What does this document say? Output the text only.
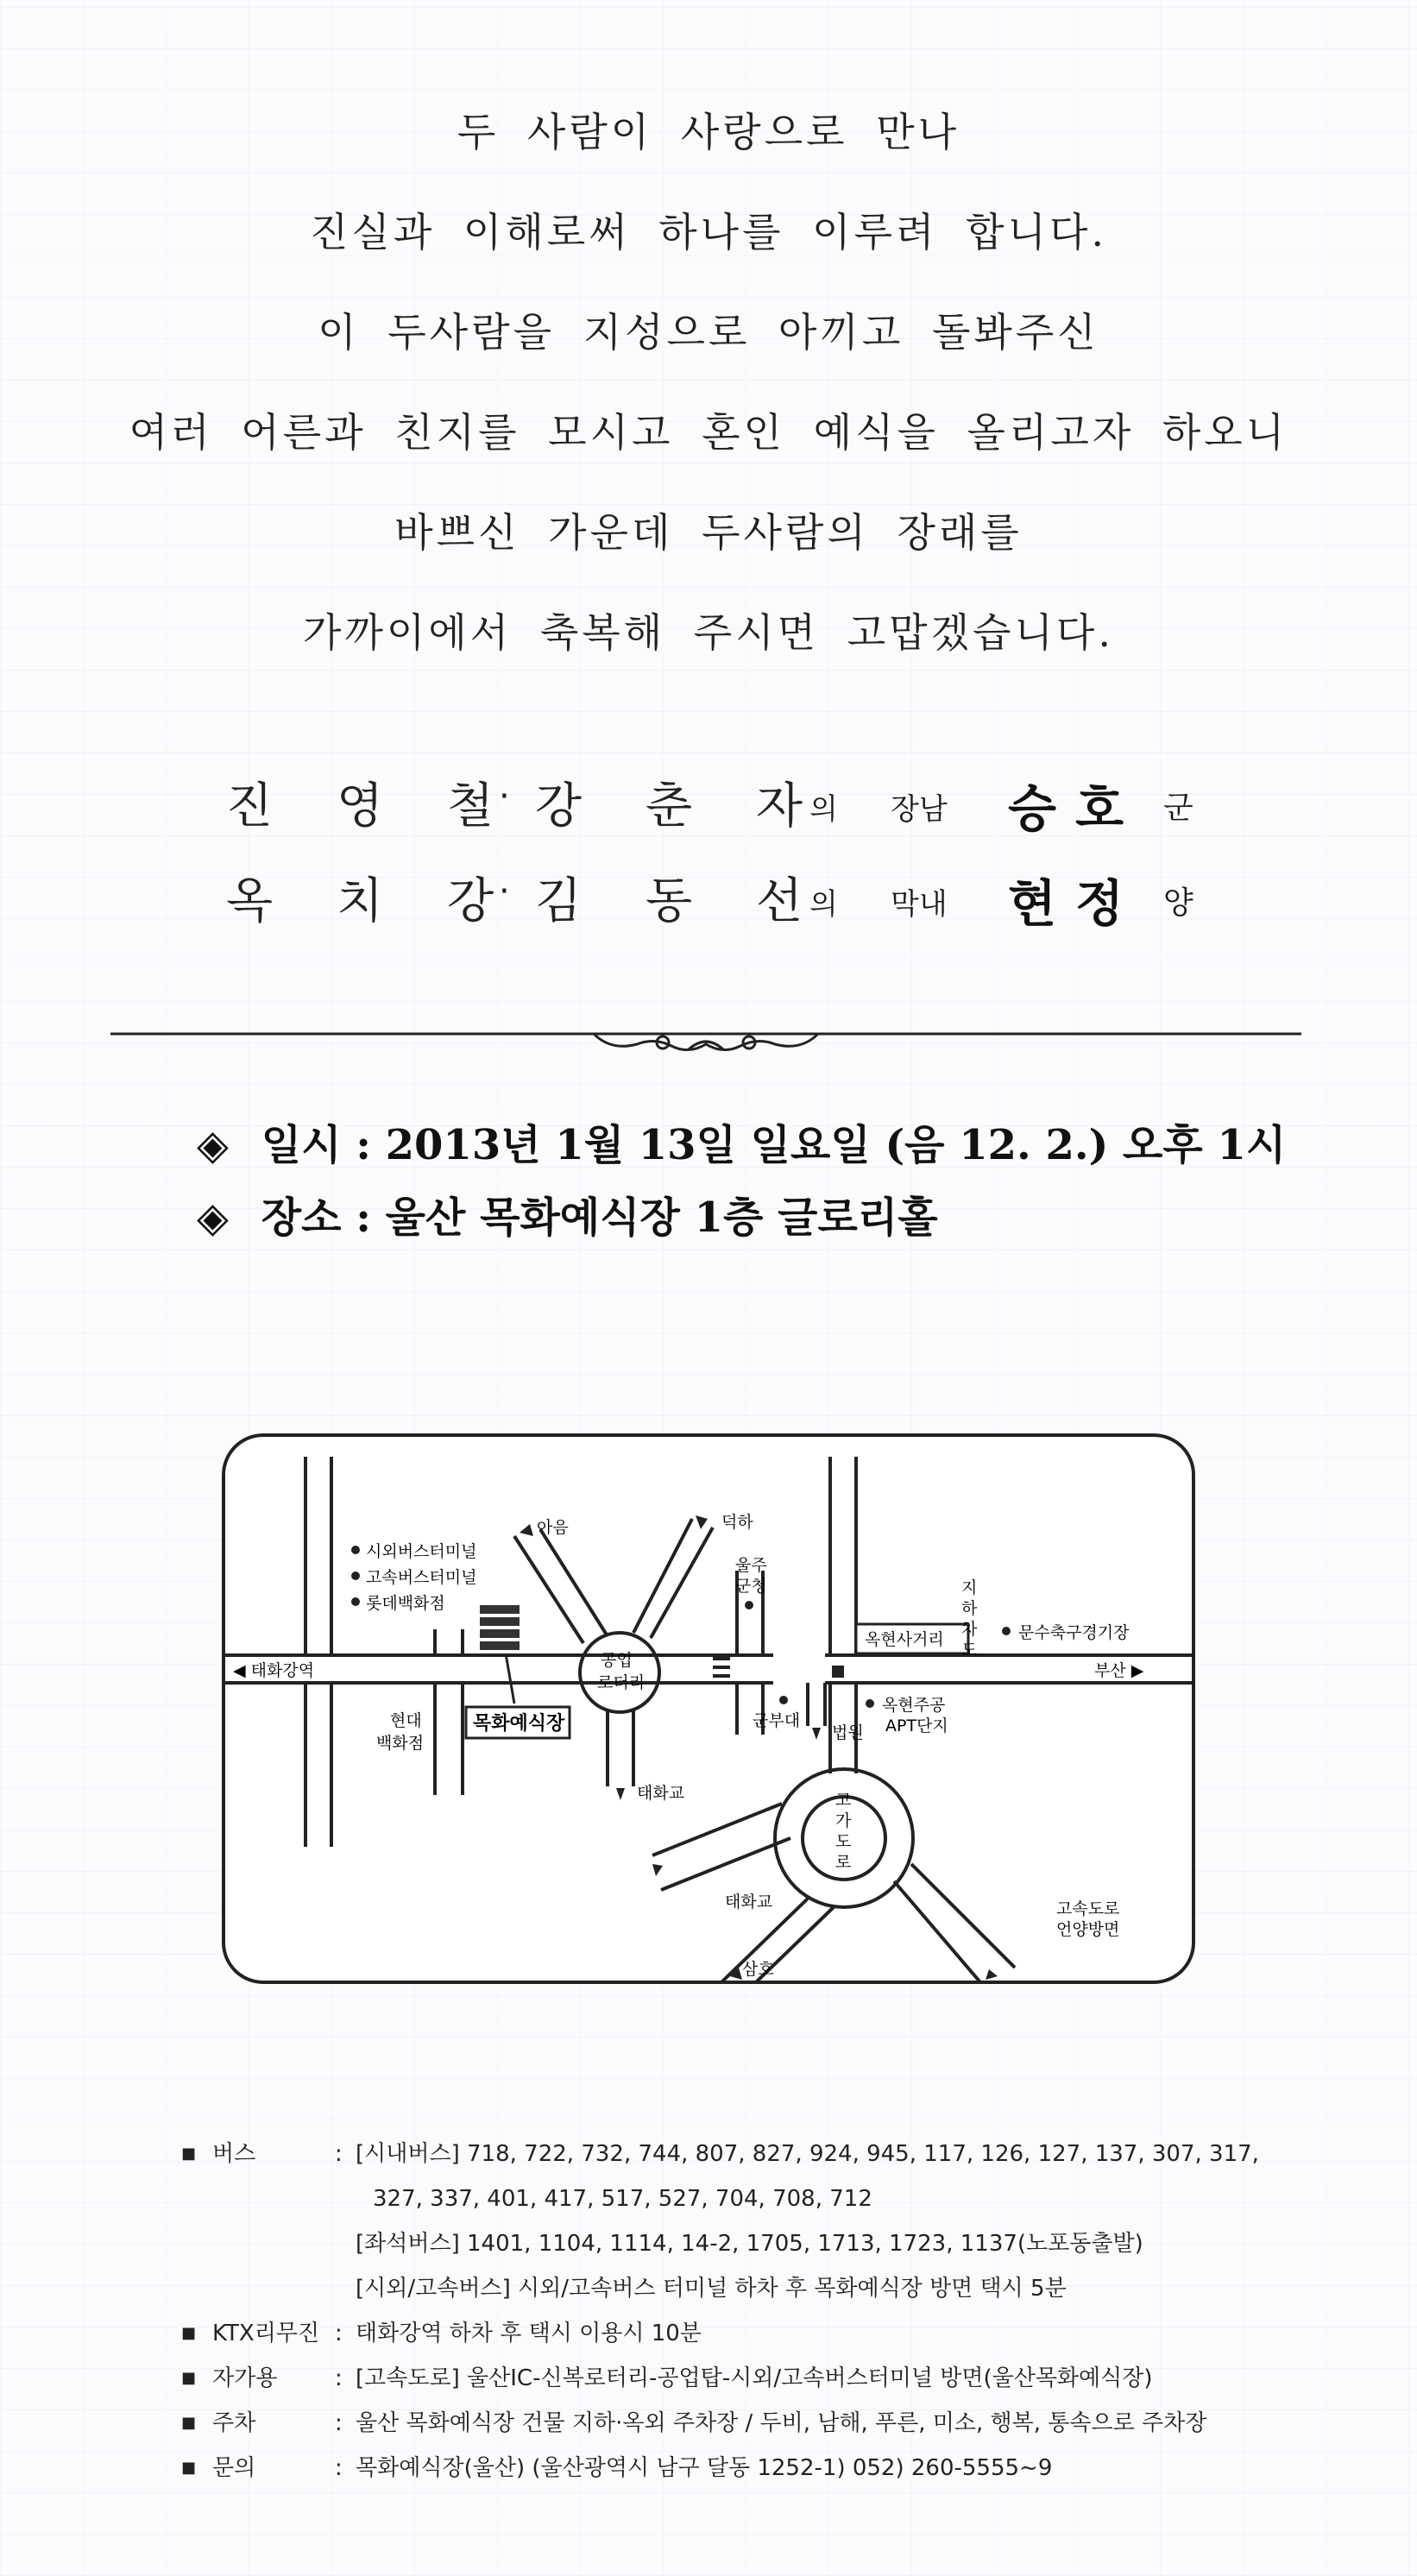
두 사람이 사랑으로 만나
진실과 이해로써 하나를 이루려 합니다.
이 두사람을 지성으로 아끼고 돌봐주신
여러 어른과 친지를 모시고 혼인 예식을 올리고자 하오니
바쁘신 가운데 두사람의 장래를
가까이에서 축복해 주시면 고맙겠습니다.
진 영 철 · 강 춘 자 의 장남 승호 군
옥 치 강 · 김 동 선 의 막내 현정 양
◈ 일시 : 2013년 1월 13일 일요일 (음 12. 2.) 오후 1시
◈ 장소 : 울산 목화예식장 1층 글로리홀
시외버스터미널
고속버스터미널
롯데백화점
◀ 태화강역
현대
백화점
목화예식장
아음	덕하
울주
군청
공업
로터리
태화교
군부대
법원
옥현사거리
지
하
차
도
문수축구경기장
부산 ▶
옥현주공
APT단지
고
가
도
로
태화교
삼호
고속도로
언양방면
■ 버스	: [시내버스] 718, 722, 732, 744, 807, 827, 924, 945, 117, 126, 127, 137, 307, 317,
327, 337, 401, 417, 517, 527, 704, 708, 712
[좌석버스] 1401, 1104, 1114, 14-2, 1705, 1713, 1723, 1137(노포동출발)
[시외/고속버스] 시외/고속버스 터미널 하차 후 목화예식장 방면 택시 5분
■ KTX리무진 : 태화강역 하차 후 택시 이용시 10분
■ 자가용	: [고속도로] 울산IC-신복로터리-공업탑-시외/고속버스터미널 방면(울산목화예식장)
■ 주차	: 울산 목화예식장 건물 지하·옥외 주차장 / 두비, 남해, 푸른, 미소, 행복, 통속으로 주차장
■ 문의	: 목화예식장(울산) (울산광역시 남구 달동 1252-1) 052) 260-5555~9
